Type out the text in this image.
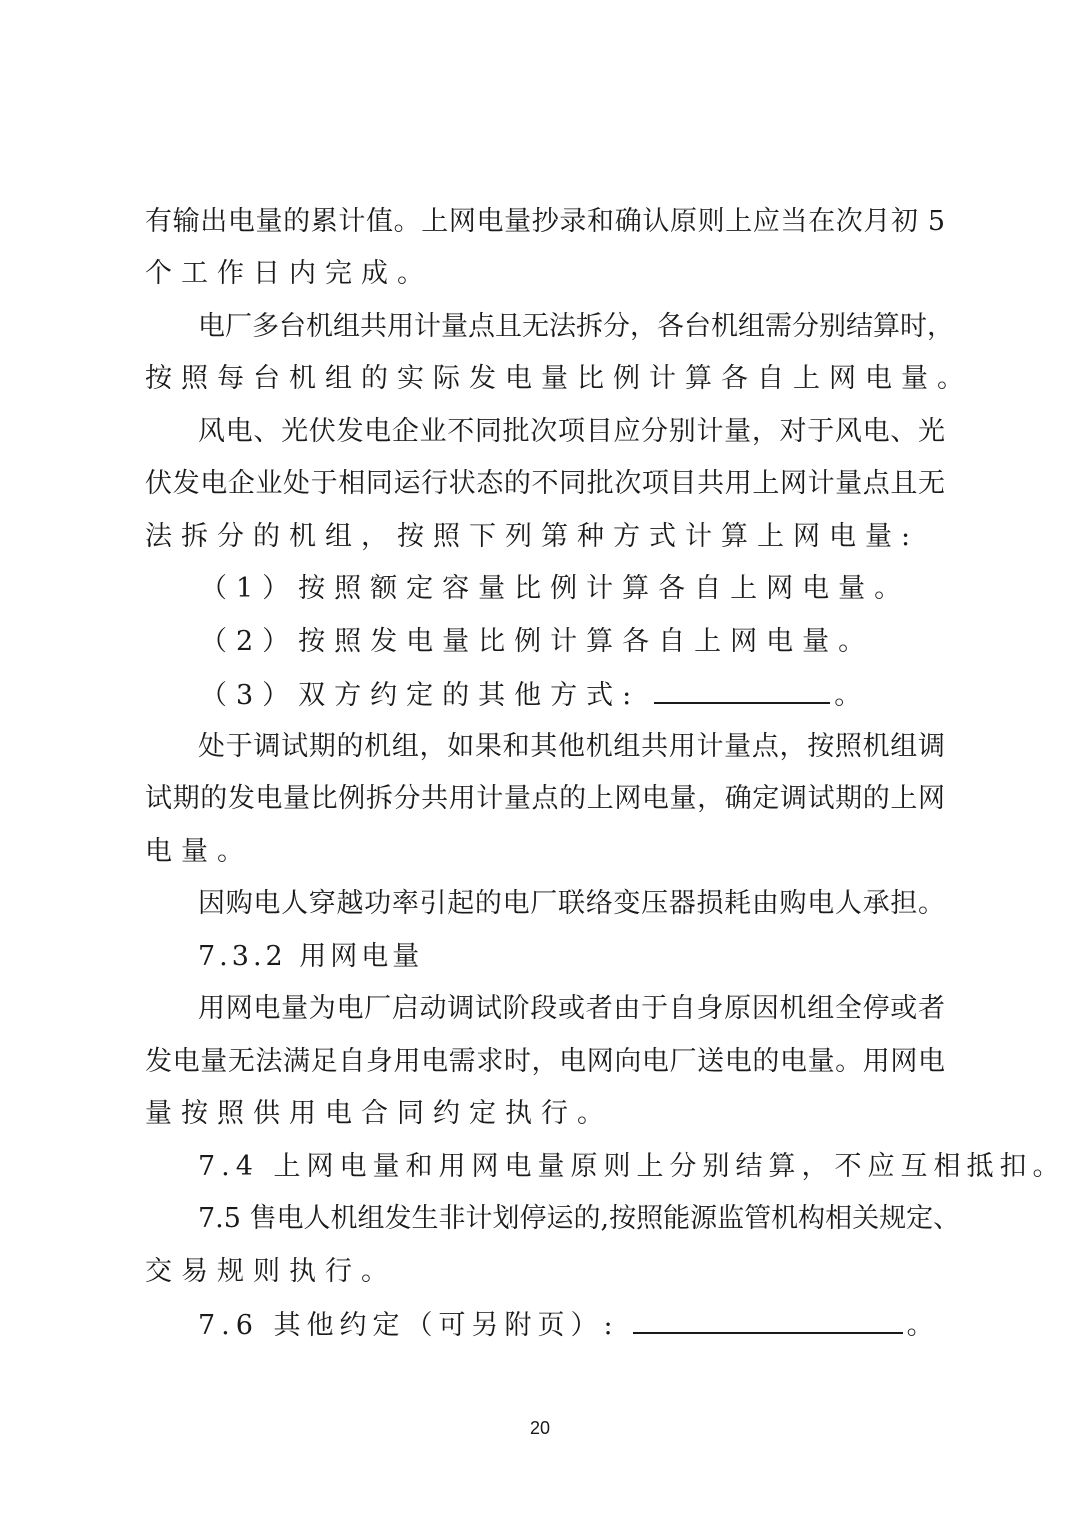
有输出电量的累计值。上网电量抄录和确认原则上应当在次月初 5
个工作日内完成。
电厂多台机组共用计量点且无法拆分，各台机组需分别结算时，
按照每台机组的实际发电量比例计算各自上网电量。
风电、光伏发电企业不同批次项目应分别计量，对于风电、光
伏发电企业处于相同运行状态的不同批次项目共用上网计量点且无
法拆分的机组，按照下列第种方式计算上网电量:
（1）按照额定容量比例计算各自上网电量。
（2）按照发电量比例计算各自上网电量。
（3）双方约定的其他方式:	。
处于调试期的机组，如果和其他机组共用计量点，按照机组调
试期的发电量比例拆分共用计量点的上网电量，确定调试期的上网
电量。
因购电人穿越功率引起的电厂联络变压器损耗由购电人承担。
7.3.2 用网电量
用网电量为电厂启动调试阶段或者由于自身原因机组全停或者
发电量无法满足自身用电需求时，电网向电厂送电的电量。用网电
量按照供用电合同约定执行。
7.4 上网电量和用网电量原则上分别结算，不应互相抵扣。
7.5 售电人机组发生非计划停运的,按照能源监管机构相关规定、
交易规则执行。
7.6 其他约定（可另附页）:	。
20
